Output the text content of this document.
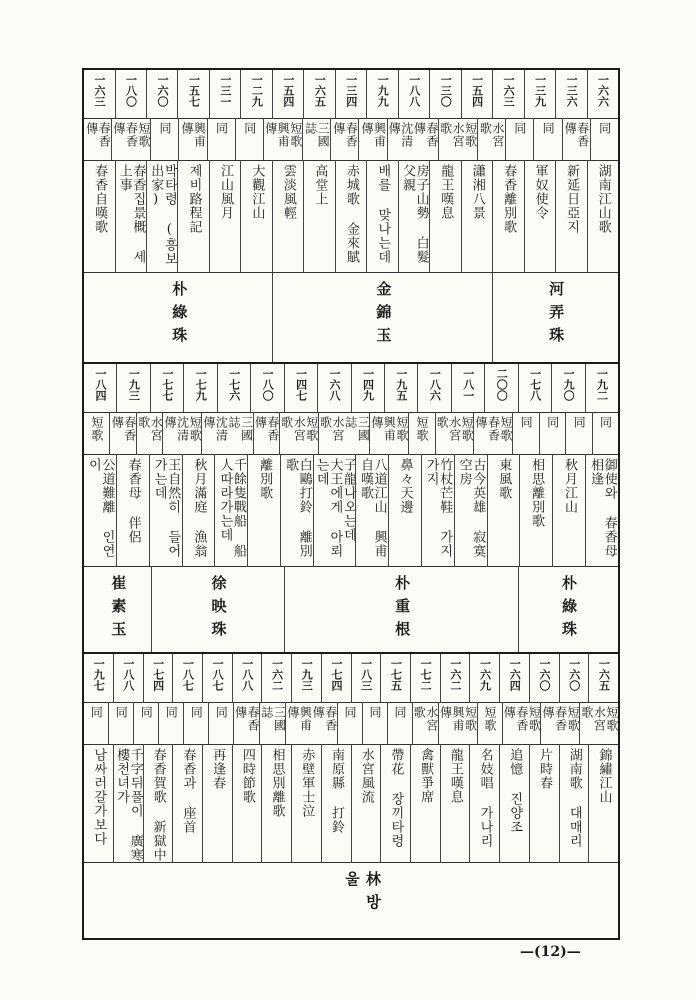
一六六
一三六
一三九
一六三
一五四
一三〇
一八八
一九九
一三四
一六五
一五四
一二九
一三一
一五七
一六〇
一八〇
一六三
同
春香傳
同
同
水宮歌
短歌 水宮歌
春香傳 沈清傳
興甫傳
春香傳
三國誌
短歌 興甫傳
同
同
興甫傳
同
短歌 春香傳
春香傳
湖南江山歌
新延日亞지
軍奴使令
春香離別歌
瀟湘八景
龍王嘆息
房子山勢 白髮父親
배를 맞나는데
赤城歌 金來賦
高堂上
雲淡風輕
大觀江山
江山風月
제비路程記
박타령 (흥보出家)
春香집景概 세上事
春香自嘆歌
河弄珠
金錦玉
朴綠珠
一九二
一九〇
一七八
二〇〇
一八一
一八六
一九五
一四九
一六八
一四七
一八〇
一七六
一七九
一七七
一九三
一八四
同
同
同
同
短歌 春香傳
短歌 水宮歌
短歌
短歌 興甫傳
三國誌 水宮歌
短歌 水宮歌
春香傳
三國誌 沈清傳
短歌 沈清傳
水宮歌
春香傳
短歌
御使와 春香母相逢
秋月江山
相思離別歌
東風歌
古今英雄 寂寞空房
竹杖芒鞋 가지가지
鼻々天邊
八道江山 興甫自嘆歌
子龍나오는데 大王에게 아뢰는데
白鷗打鈴 離別歌
離別歌
千餘隻戰船 船人따라가는데
秋月滿庭 漁翁
王自然히 들어가는데
春香母 伴侶
公道難離 인연이
朴綠珠
朴重根
徐映珠
崔素玉
一六五
一六〇
一六〇
一六四
一六九
一六二
一七二
一七五
一八三
一七四
一九三
一六二
一八八
一八七
一八七
一七四
一八八
一九七
短歌 水宮歌
短歌 春香傳
短歌 春香傳
短歌
短歌 興甫傳
水宮歌
同
同
同
春香傳 興甫傳
三國誌
春香傳
同
同
同
同
同
同
錦繡江山
湖南歌 대매리
片時春
追憶 진양조
名妓唱 가나리
龍王嘆息
禽獸爭席
帶花 장끼타령
水宮風流
南原縣 打鈴
赤壁軍士泣
相思別離歌
四時節歌
再逢春
春香과 座首
春香賀歌 新獄中
千字뒤풀이 廣寒樓천녀가
남싸러갈가보다
林방울
—(12)—
